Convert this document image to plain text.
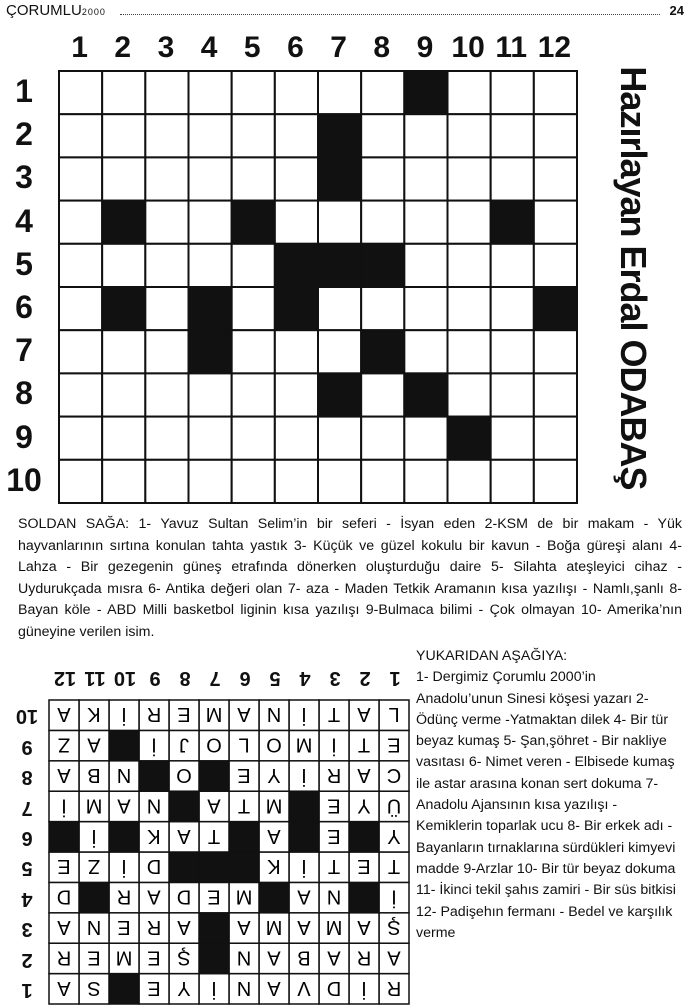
ÇORUMLU2000	24
1 2 3 4 5 6 7 8 9 10 11 12
1
2
3
4
5
6
7
8
9
10	Hazırlayan Erdal ODABAŞ
SOLDAN SAĞA: 1- Yavuz Sultan Selim’in bir seferi - İsyan eden 2-KSM de bir makam - Yük hayvanlarının sırtına konulan tahta yastık 3- Küçük ve güzel kokulu bir kavun - Boğa güreşi alanı 4- Lahza - Bir gezegenin güneş etrafında dönerken oluşturduğu daire 5- Silahta ateşleyici cihaz - Uydurukçada mısra 6- Antika değeri olan 7- aza - Maden Tetkik Aramanın kısa yazılışı - Namlı,şanlı 8- Bayan köle - ABD Milli basketbol liginin kısa yazılışı 9-Bulmaca bilimi - Çok olmayan 10- Amerika’nın güneyine verilen isim.
YUKARIDAN AŞAĞIYA:
1- Dergimiz Çorumlu 2000’in Anadolu’unun Sinesi köşesi yazarı 2- Ödünç verme -Yatmaktan dilek 4- Bir tür beyaz kumaş 5- Şan,şöhret - Bir nakliye vasıtası 6- Nimet veren - Elbisede kumaş ile astar arasına konan sert dokuma 7- Anadolu Ajansının kısa yazılışı - Kemiklerin toparlak ucu 8- Bir erkek adı - Bayanların tırnaklarına sürdükleri kimyevi madde 9-Arzlar 10- Bir tür beyaz dokuma 11- İkinci tekil şahıs zamiri - Bir süs bitkisi 12- Padişehın fermanı - Bedel ve karşılık verme
R
İ
D
V
A
N
İ
Y
E
S
A
A
R
A
B
A
N
Ş
E
M
E
R
Ş
A
M
A
M
A
A
R
E
N
A
İ
N
A
M
E
D
A
R
D
T
E
T
İ
K
D
İ
Z
E
Y
E
A
T
A
K
İ
Ü
Y
E
M
T
A
N
A
M
İ
C
A
R
İ
Y
E
O
N
B
A
E
T
İ
M
O
L
O
J
İ
A
Z
L
A
T
İ
N
A
M
E
R
İ
K
A
1
2
3
4
5
6
7
8
9
10
11
12
1
2
3
4
5
6
7
8
9
10
